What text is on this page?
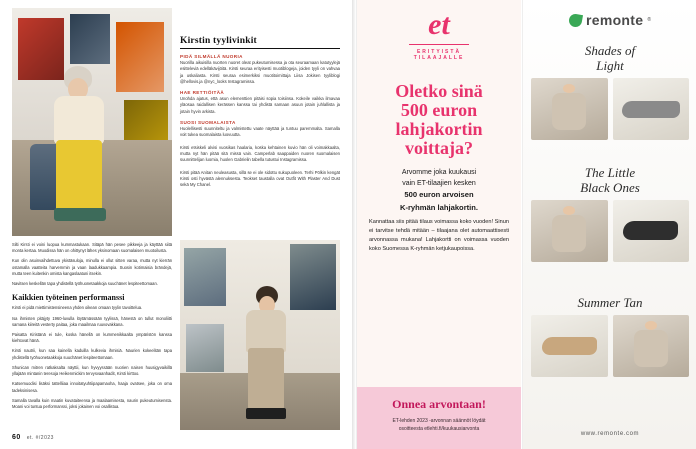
Kirstin tyylivinkit
PIDÄ SILMÄLLÄ NUORIA
Nuorilla aikuisilla nuorten nuoret oleat pukeutumisessa ja ota seuraamaan katutyylejä esitteleviä edelläkävijöitä. Kirsti seuraa erityisesti muotiblogeja, joiden tyyli on vahvaa ja uskaliasta. Kirsti seuraa esimerkiksi muotitoimittaja Liisa Jokisen tyyliblogi @hellovis.ja @nyc_looks Instagramissa.
HAE RETTIÖITÄÄ
Unohda ajatus, että asun elementtien pitäisi sopia toisiinsa. Kokeile vaikka ilmavaa yläosaa raidallisen kerässen kanssa tai yhdistä samaan asuun jotain juhlallista ja jotain hyvin arkista.
SUOSI SUOMALAISTA
Huolellisesti suunniteltu ja valmistettu vaate näyttää ja tuntuu paremmalta. Samalla voit tukea suomalaista luovuutta.
Kirsti etsiskeli alvisi vuosikas haalaria, koska kehtainen kuvio hän oli voimakkaalta, mutta nyt hän pitää sitä missä vain. Camperlab saappaiden nuoren suomalaisen suunnittelijan luomia, huolen Gabrielin tabella tutustui Instagramissa.
Kirsti pitää Anitan neuleasusta, sillä se ei ole sidottu sukupuoleen. Terhi Pölkin kengät Kirsti osti hyvästä alennuksesta. Teokset taustalla ovat Outfit With Plaster And Dust sekä My Chanel.

Silti Kirsti ei voini luopua kummastukaan. Sitäpä hän pesee pikkeeja ja käyttää siitä monta kertaa. Muodissa hän on ohittynyt lähes yksinomaan suomalaisen muotoilusta.

Kun olin asuinvaihdettuva ykistäsuloja, minulla ei ollut sitten varaa, mutta nyt kierrän ostamalla vaatteita harvemmin ja vaan laadukkaampia. Suosin kotimaisia brändejä, mutta teen kuitenkin omista kangaslaatuni itsekin.

Navitsen keskellän tapa yhdistellä työhuonetaakkoja suuchänet lespiteettomaan.

Kaikkien työteinen performanssi

Kirsti ei pidä miettimistensineena yhden oikean omaan tyylin tavoittelua.

Isa ihmisten pitäjyty 1960-luvulla löytämässään tyylissä, hänestä on tullut monoliitti samana kiireitä vesterty paitaa, joka maailmaa ruuvovakkana.

Paisatta Kiristänä ei tule, koska hänellä on kummenikkaalta ympäristön kanssa kiehtovat hänä.

Kirsti nautrii, kun saa kainella kaduilla kulkevia ihmisiä. Naurien kokeelitän tapa yhdistellä työhuonetaakkoja suuchänet lespiteettomaan.

Shunican mitren ratkaksalta näyttii, kun hyvyyssään nuorien naisen huusigyvaikillä yllajään mintanin teresoja Heikenmickim tervysvaanhadit, Kirsti kirttoo.

Katsemuodisi lisäksi tattelliiaa innoitatyuhtiipapamaoha, haaja ovatsee, joka on oma tadeksinisesa.

Samalla tavalla kuin maatin kuvataiteensa ja maalaamisesta, naurin pukeutumisensta. Moani voi tuntua performanssi, joksi jokainen voi osallistua.

60 et. #/2023
et
ERITYISTÄ
TILAAJALLE
Oletko sinä
500 euron
lahjakortin
voittaja?
Arvomme joka kuukausi
vain ET-tilaajien kesken
500 euron arvoisen
K-ryhmän lahjakortin.
Kannattaa siis pitää tilaus voimassa koko vuoden! Sinun ei tarvitse tehdä mitään – tilaajana olet automaattisesti arvonnassa mukana! Lahjakortti on voimassa vuoden koko Suomessa K-ryhmän ketjukaupoissa.
Onnea arvontaan!
ET-lehden 2023 -arvonnan säännöt löydät
osoitteesta etlehti.fi/kuukausiarvonta
remonte ®
Shades of
Light
The Little
Black Ones
Summer Tan
www.remonte.com
